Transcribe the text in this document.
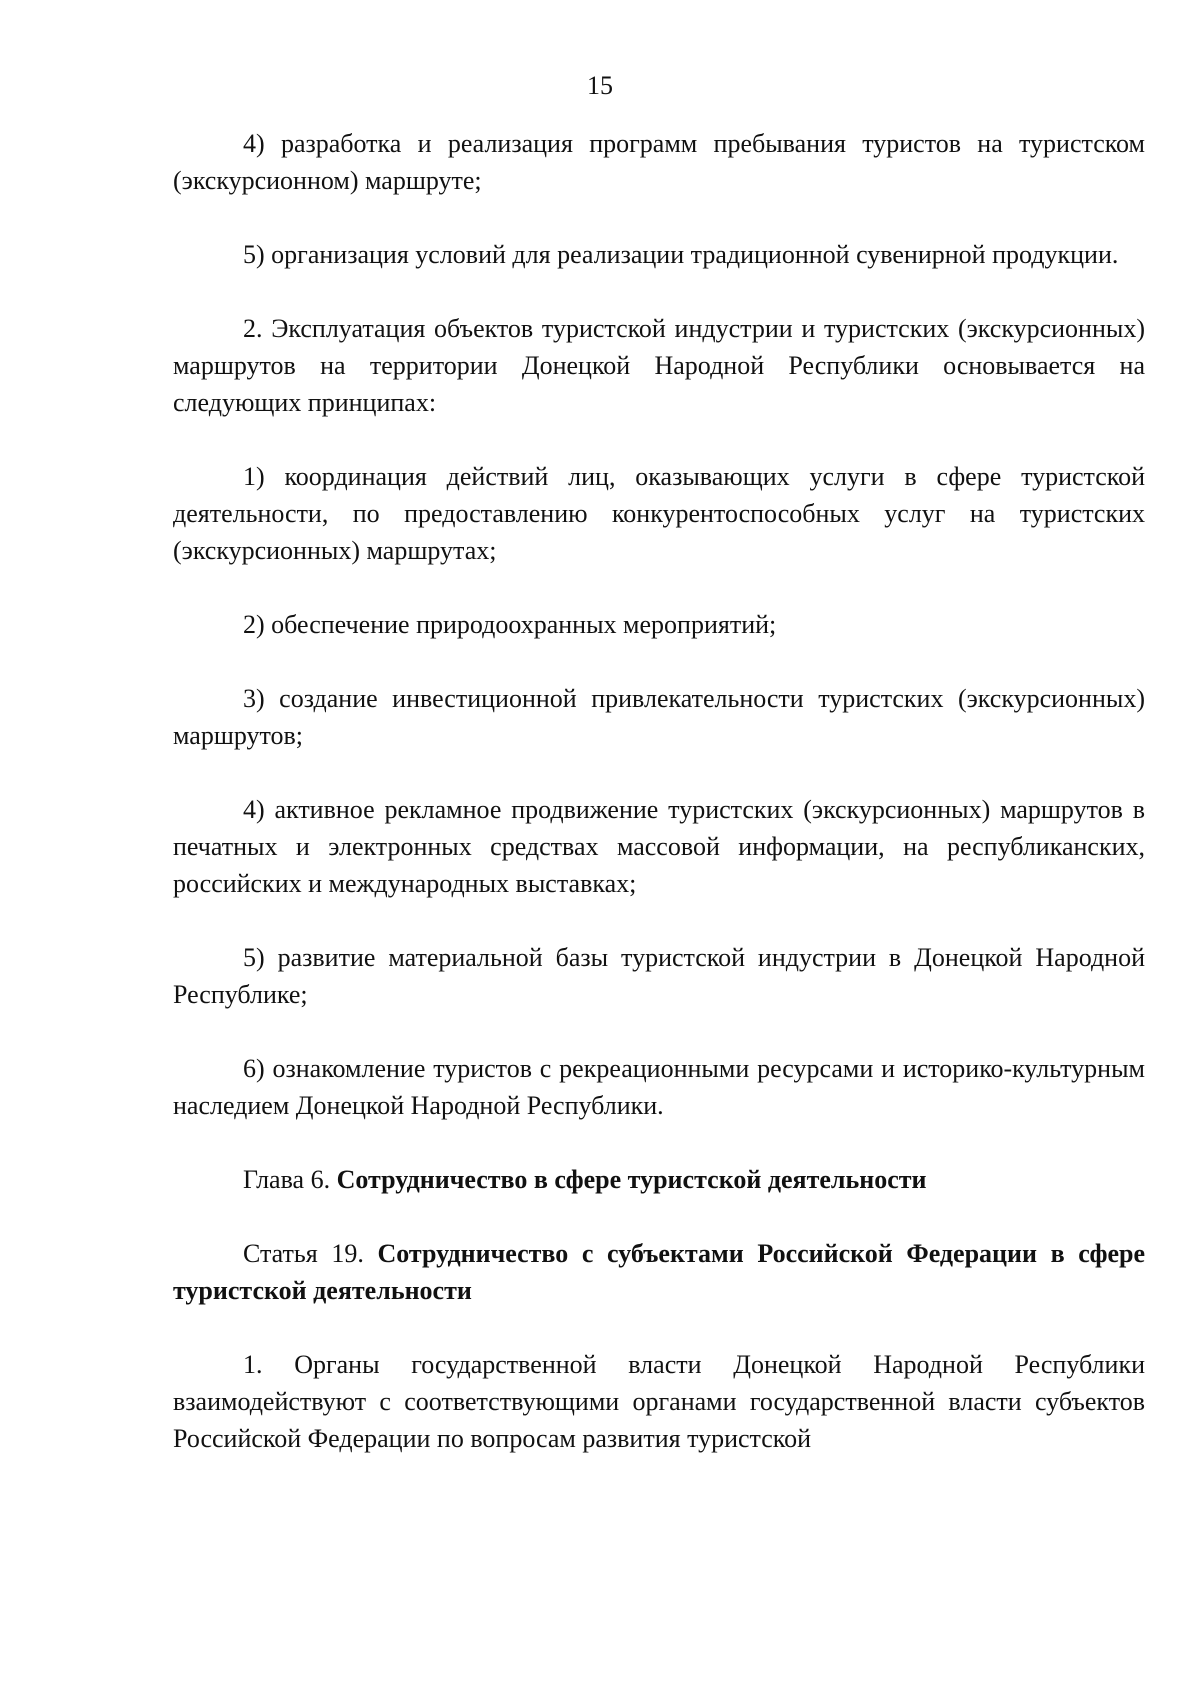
15

4) разработка и реализация программ пребывания туристов на туристском (экскурсионном) маршруте;

5) организация условий для реализации традиционной сувенирной продукции.

2. Эксплуатация объектов туристской индустрии и туристских (экскурсионных) маршрутов на территории Донецкой Народной Республики основывается на следующих принципах:

1) координация действий лиц, оказывающих услуги в сфере туристской деятельности, по предоставлению конкурентоспособных услуг на туристских (экскурсионных) маршрутах;

2) обеспечение природоохранных мероприятий;

3) создание инвестиционной привлекательности туристских (экскурсионных) маршрутов;

4) активное рекламное продвижение туристских (экскурсионных) маршрутов в печатных и электронных средствах массовой информации, на республиканских, российских и международных выставках;

5) развитие материальной базы туристской индустрии в Донецкой Народной Республике;

6) ознакомление туристов с рекреационными ресурсами и историко-культурным наследием Донецкой Народной Республики.

Глава 6. Сотрудничество в сфере туристской деятельности

Статья 19. Сотрудничество с субъектами Российской Федерации в сфере туристской деятельности

1. Органы государственной власти Донецкой Народной Республики взаимодействуют с соответствующими органами государственной власти субъектов Российской Федерации по вопросам развития туристской
